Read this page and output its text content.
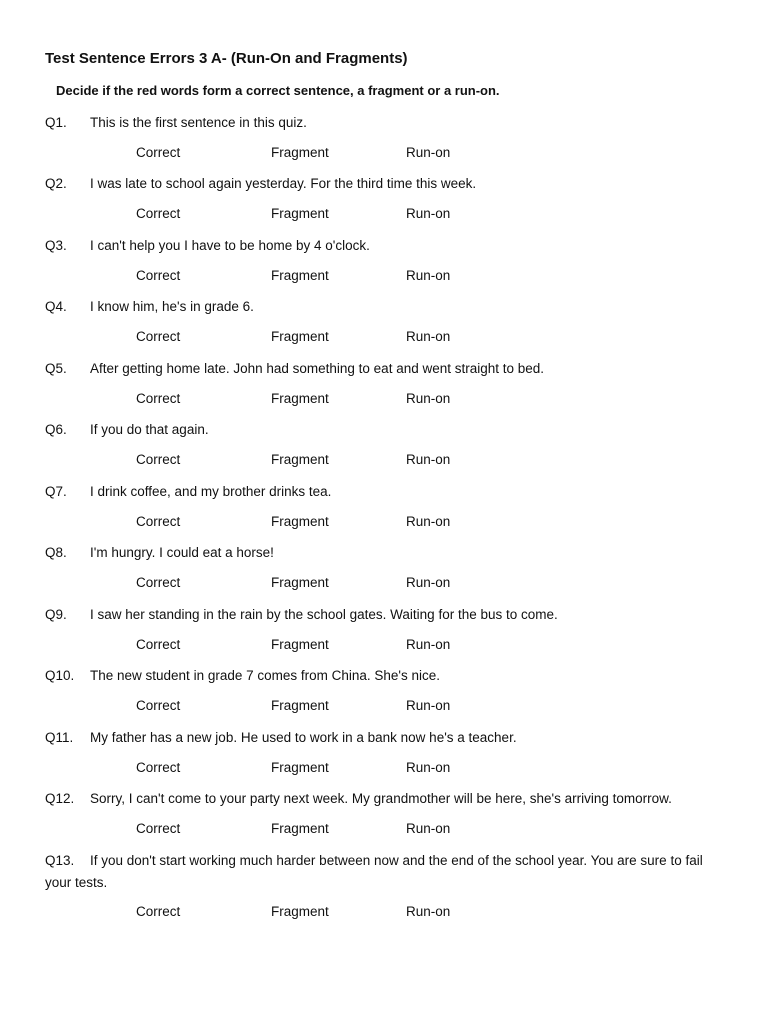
Test Sentence Errors 3 A- (Run-On and Fragments)
Decide if the red words form a correct sentence, a fragment or a run-on.
Q1. This is the first sentence in this quiz.
Correct	Fragment	Run-on
Q2. I was late to school again yesterday. For the third time this week.
Correct	Fragment	Run-on
Q3. I can't help you I have to be home by 4 o'clock.
Correct	Fragment	Run-on
Q4. I know him, he's in grade 6.
Correct	Fragment	Run-on
Q5. After getting home late. John had something to eat and went straight to bed.
Correct	Fragment	Run-on
Q6. If you do that again.
Correct	Fragment	Run-on
Q7. I drink coffee, and my brother drinks tea.
Correct	Fragment	Run-on
Q8. I'm hungry. I could eat a horse!
Correct	Fragment	Run-on
Q9. I saw her standing in the rain by the school gates. Waiting for the bus to come.
Correct	Fragment	Run-on
Q10. The new student in grade 7 comes from China. She's nice.
Correct	Fragment	Run-on
Q11. My father has a new job. He used to work in a bank now he's a teacher.
Correct	Fragment	Run-on
Q12. Sorry, I can't come to your party next week. My grandmother will be here, she's arriving tomorrow.
Correct	Fragment	Run-on
Q13. If you don't start working much harder between now and the end of the school year. You are sure to fail your tests.
Correct	Fragment	Run-on
